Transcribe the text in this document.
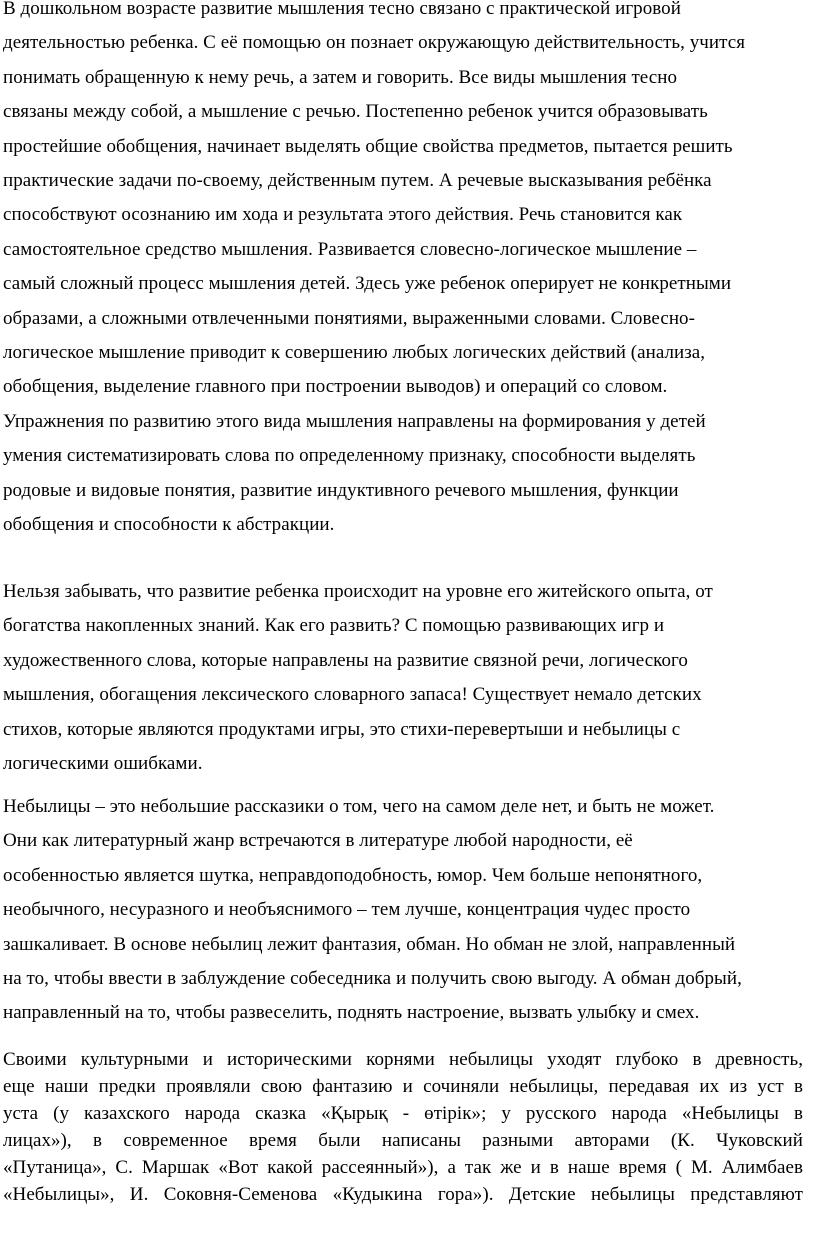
В дошкольном возрасте развитие мышления тесно связано с практической игровой
деятельностью ребенка. С её помощью он познает окружающую действительность, учится
понимать обращенную к нему речь, а затем и говорить. Все виды мышления тесно
связаны между собой, а мышление с речью. Постепенно ребенок учится образовывать
простейшие обобщения, начинает выделять общие свойства предметов, пытается решить
практические задачи по-своему, действенным путем. А речевые высказывания ребёнка
способствуют осознанию им хода и результата этого действия. Речь становится как
самостоятельное средство мышления. Развивается словесно-логическое мышление –
самый сложный процесс мышления детей. Здесь уже ребенок оперирует не конкретными
образами, а сложными отвлеченными понятиями, выраженными словами. Словесно-
логическое мышление приводит к совершению любых логических действий (анализа,
обобщения, выделение главного при построении выводов) и операций со словом.
Упражнения по развитию этого вида мышления направлены на формирования у детей
умения систематизировать слова по определенному признаку, способности выделять
родовые и видовые понятия, развитие индуктивного речевого мышления, функции
обобщения и способности к абстракции.
Нельзя забывать, что развитие ребенка происходит на уровне его житейского опыта, от
богатства накопленных знаний. Как его развить? С помощью развивающих игр и
художественного слова, которые направлены на развитие связной речи, логического
мышления, обогащения лексического словарного запаса! Существует немало детских
стихов, которые являются продуктами игры, это стихи-перевертыши и небылицы с
логическими ошибками.
Небылицы – это небольшие рассказики о том, чего на самом деле нет, и быть не может.
Они как литературный жанр встречаются в литературе любой народности, её
особенностью является шутка, неправдоподобность, юмор. Чем больше непонятного,
необычного, несуразного и необъяснимого – тем лучше, концентрация чудес просто
зашкаливает. В основе небылиц лежит фантазия, обман. Но обман не злой, направленный
на то, чтобы ввести в заблуждение собеседника и получить свою выгоду. А обман добрый,
направленный на то, чтобы развеселить, поднять настроение, вызвать улыбку и смех.
Своими культурными и историческими корнями небылицы уходят глубоко в древность,
еще наши предки проявляли свою фантазию и сочиняли небылицы, передавая их из уст в
уста (у казахского народа сказка «Қырық - өтірік»; у русского народа «Небылицы в
лицах»), в современное время были написаны разными авторами (К. Чуковский
«Путаница», С. Маршак «Вот какой рассеянный»), а так же и в наше время ( М. Алимбаев
«Небылицы», И. Соковня-Семенова «Кудыкина гора»). Детские небылицы представляют
